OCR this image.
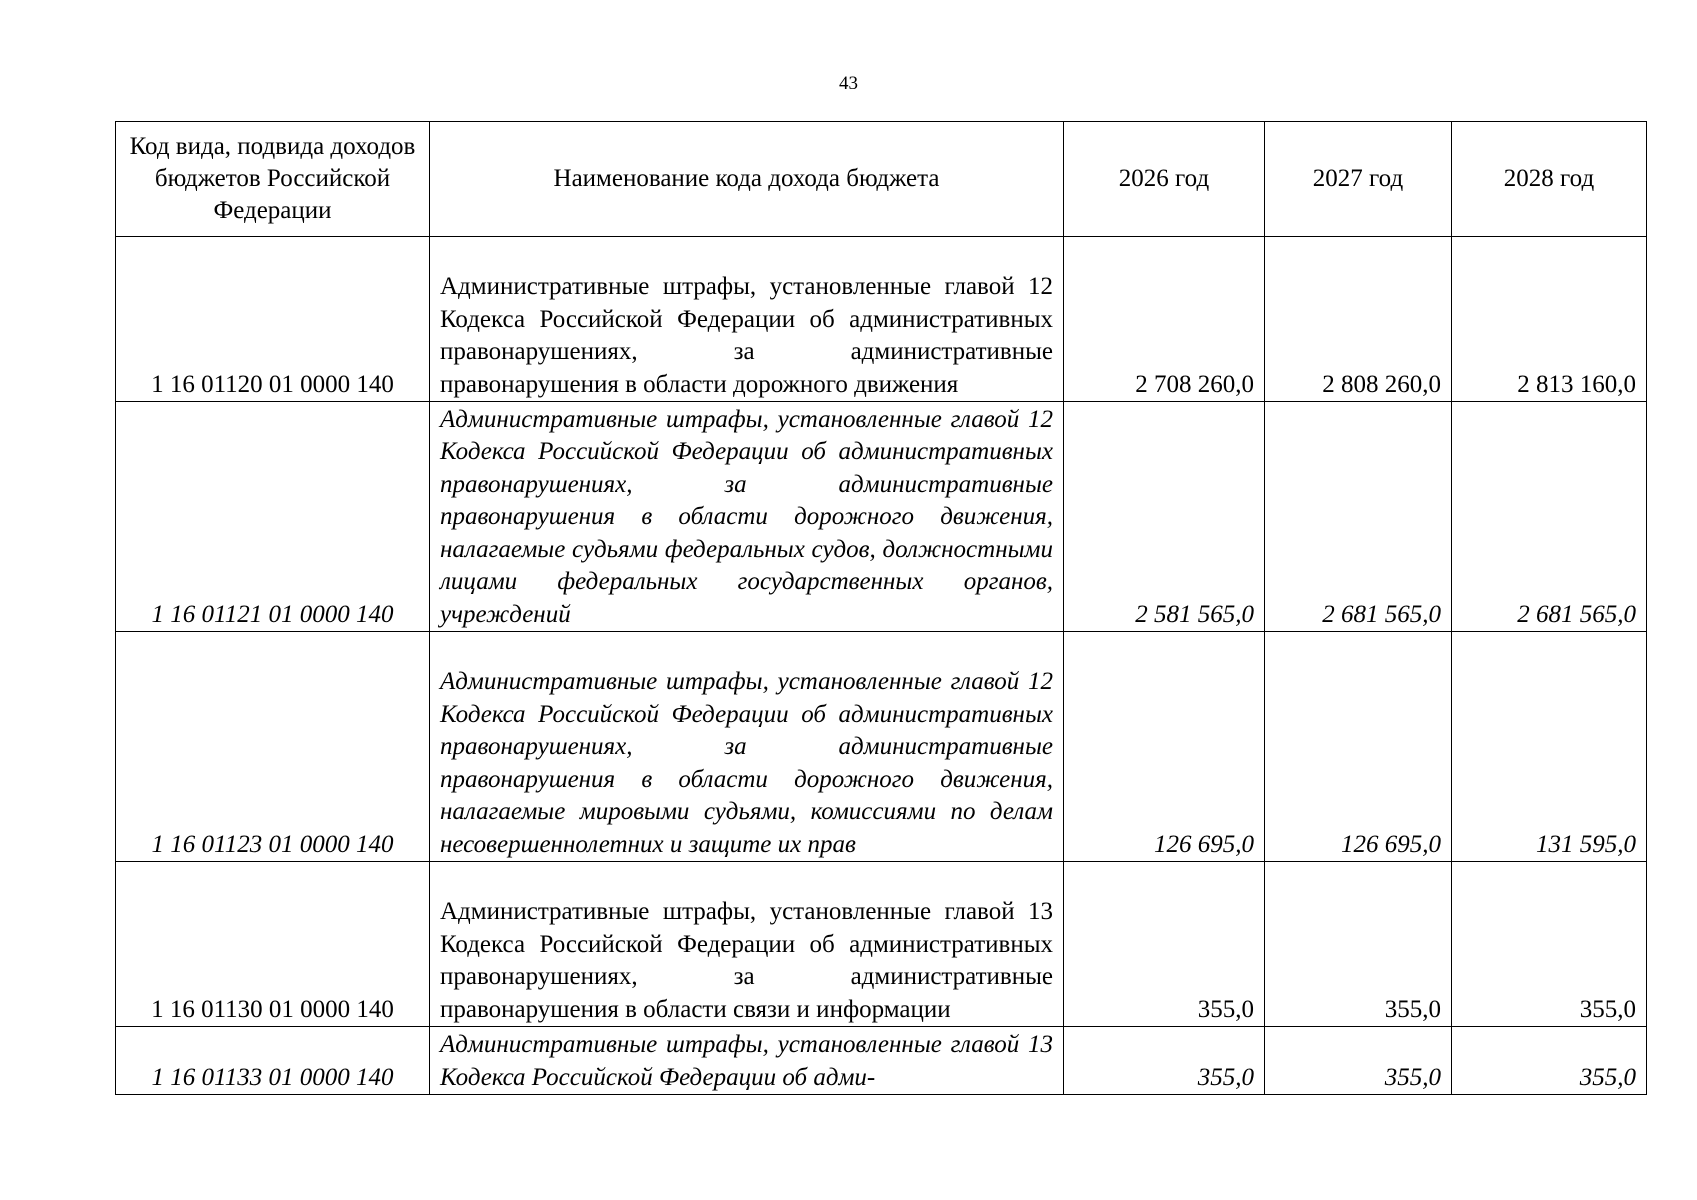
43
Код вида, подвида доходов бюджетов Российской Федерации	Наименование кода дохода бюджета	2026 год	2027 год	2028 год
1 16 01120 01 0000 140	Административные штрафы, установленные главой 12 Кодекса Российской Федерации об административных правонарушениях, за административные правонарушения в области дорожного движения	2 708 260,0	2 808 260,0	2 813 160,0
1 16 01121 01 0000 140	Административные штрафы, установленные главой 12 Кодекса Российской Федерации об административных правонарушениях, за административные правонарушения в области дорожного движения, налагаемые судьями федеральных судов, должностными лицами федеральных государственных органов, учреждений	2 581 565,0	2 681 565,0	2 681 565,0
1 16 01123 01 0000 140	Административные штрафы, установленные главой 12 Кодекса Российской Федерации об административных правонарушениях, за административные правонарушения в области дорожного движения, налагаемые мировыми судьями, комиссиями по делам несовершеннолетних и защите их прав	126 695,0	126 695,0	131 595,0
1 16 01130 01 0000 140	Административные штрафы, установленные главой 13 Кодекса Российской Федерации об административных правонарушениях, за административные правонарушения в области связи и информации	355,0	355,0	355,0
1 16 01133 01 0000 140	Административные штрафы, установленные главой 13 Кодекса Российской Федерации об адми-	355,0	355,0	355,0
